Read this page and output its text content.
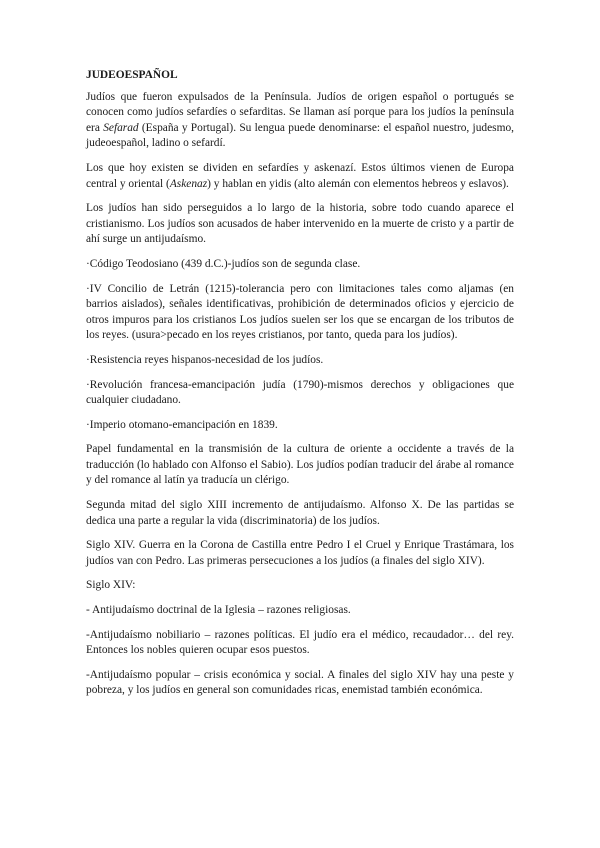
JUDEOESPAÑOL

Judíos que fueron expulsados de la Península. Judíos de origen español o portugués se conocen como judíos sefardíes o sefarditas. Se llaman así porque para los judíos la península era Sefarad (España y Portugal). Su lengua puede denominarse: el español nuestro, judesmo, judeoespañol, ladino o sefardí.

Los que hoy existen se dividen en sefardíes y askenazí. Estos últimos vienen de Europa central y oriental (Askenaz) y hablan en yidis (alto alemán con elementos hebreos y eslavos).

Los judíos han sido perseguidos a lo largo de la historia, sobre todo cuando aparece el cristianismo. Los judíos son acusados de haber intervenido en la muerte de cristo y a partir de ahí surge un antijudaísmo.

·Código Teodosiano (439 d.C.)-judíos son de segunda clase.

·IV Concilio de Letrán (1215)-tolerancia pero con limitaciones tales como aljamas (en barrios aislados), señales identificativas, prohibición de determinados oficios y ejercicio de otros impuros para los cristianos Los judíos suelen ser los que se encargan de los tributos de los reyes. (usura>pecado en los reyes cristianos, por tanto, queda para los judíos).

·Resistencia reyes hispanos-necesidad de los judíos.

·Revolución francesa-emancipación judía (1790)-mismos derechos y obligaciones que cualquier ciudadano.

·Imperio otomano-emancipación en 1839.

Papel fundamental en la transmisión de la cultura de oriente a occidente a través de la traducción (lo hablado con Alfonso el Sabio). Los judíos podían traducir del árabe al romance y del romance al latín ya traducía un clérigo.

Segunda mitad del siglo XIII incremento de antijudaísmo. Alfonso X. De las partidas se dedica una parte a regular la vida (discriminatoria) de los judíos.

Siglo XIV. Guerra en la Corona de Castilla entre Pedro I el Cruel y Enrique Trastámara, los judíos van con Pedro. Las primeras persecuciones a los judíos (a finales del siglo XIV).

Siglo XIV:

- Antijudaísmo doctrinal de la Iglesia – razones religiosas.

-Antijudaísmo nobiliario – razones políticas. El judío era el médico, recaudador… del rey. Entonces los nobles quieren ocupar esos puestos.

-Antijudaísmo popular – crisis económica y social. A finales del siglo XIV hay una peste y pobreza, y los judíos en general son comunidades ricas, enemistad también económica.
